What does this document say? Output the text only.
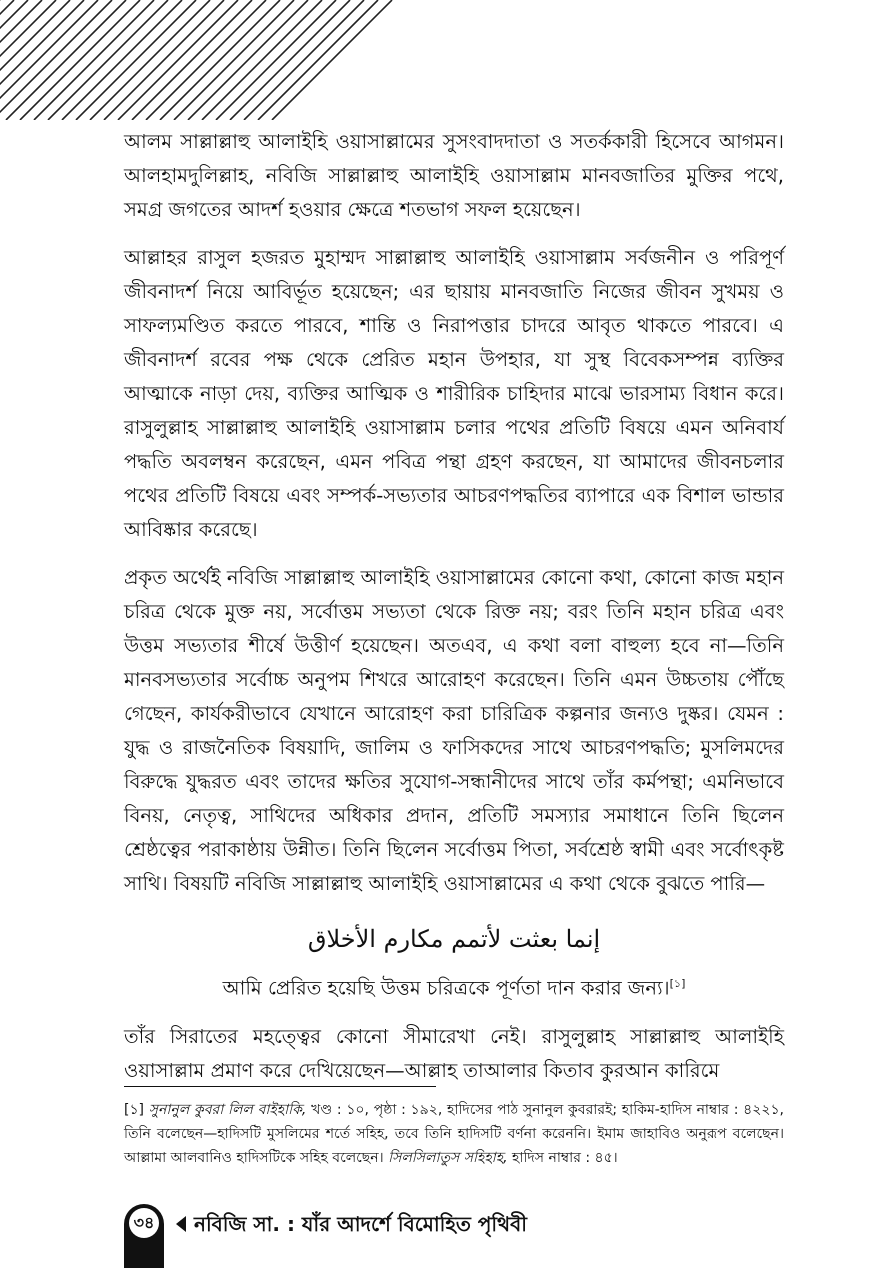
আলম সাল্লাল্লাহু আলাইহি ওয়াসাল্লামের সুসংবাদদাতা ও সতর্ককারী হিসেবে আগমন। আলহামদুলিল্লাহ, নবিজি সাল্লাল্লাহু আলাইহি ওয়াসাল্লাম মানবজাতির মুক্তির পথে, সমগ্র জগতের আদর্শ হওয়ার ক্ষেত্রে শতভাগ সফল হয়েছেন।

আল্লাহর রাসুল হজরত মুহাম্মদ সাল্লাল্লাহু আলাইহি ওয়াসাল্লাম সর্বজনীন ও পরিপূর্ণ জীবনাদর্শ নিয়ে আবির্ভূত হয়েছেন; এর ছায়ায় মানবজাতি নিজের জীবন সুখময় ও সাফল্যমণ্ডিত করতে পারবে, শান্তি ও নিরাপত্তার চাদরে আবৃত থাকতে পারবে। এ জীবনাদর্শ রবের পক্ষ থেকে প্রেরিত মহান উপহার, যা সুস্থ বিবেকসম্পন্ন ব্যক্তির আত্মাকে নাড়া দেয়, ব্যক্তির আত্মিক ও শারীরিক চাহিদার মাঝে ভারসাম্য বিধান করে। রাসুলুল্লাহ সাল্লাল্লাহু আলাইহি ওয়াসাল্লাম চলার পথের প্রতিটি বিষয়ে এমন অনিবার্য পদ্ধতি অবলম্বন করেছেন, এমন পবিত্র পন্থা গ্রহণ করছেন, যা আমাদের জীবনচলার পথের প্রতিটি বিষয়ে এবং সম্পর্ক-সভ্যতার আচরণপদ্ধতির ব্যাপারে এক বিশাল ভান্ডার আবিষ্কার করেছে।

প্রকৃত অর্থেই নবিজি সাল্লাল্লাহু আলাইহি ওয়াসাল্লামের কোনো কথা, কোনো কাজ মহান চরিত্র থেকে মুক্ত নয়, সর্বোত্তম সভ্যতা থেকে রিক্ত নয়; বরং তিনি মহান চরিত্র এবং উত্তম সভ্যতার শীর্ষে উত্তীর্ণ হয়েছেন। অতএব, এ কথা বলা বাহুল্য হবে না—তিনি মানবসভ্যতার সর্বোচ্চ অনুপম শিখরে আরোহণ করেছেন। তিনি এমন উচ্চতায় পৌঁছে গেছেন, কার্যকরীভাবে যেখানে আরোহণ করা চারিত্রিক কল্পনার জন্যও দুষ্কর। যেমন : যুদ্ধ ও রাজনৈতিক বিষয়াদি, জালিম ও ফাসিকদের সাথে আচরণপদ্ধতি; মুসলিমদের বিরুদ্ধে যুদ্ধরত এবং তাদের ক্ষতির সুযোগ-সন্ধানীদের সাথে তাঁর কর্মপন্থা; এমনিভাবে বিনয়, নেতৃত্ব, সাথিদের অধিকার প্রদান, প্রতিটি সমস্যার সমাধানে তিনি ছিলেন শ্রেষ্ঠত্বের পরাকাষ্ঠায় উন্নীত। তিনি ছিলেন সর্বোত্তম পিতা, সর্বশ্রেষ্ঠ স্বামী এবং সর্বোৎকৃষ্ট সাথি। বিষয়টি নবিজি সাল্লাল্লাহু আলাইহি ওয়াসাল্লামের এ কথা থেকে বুঝতে পারি—

إنما بعثت لأتمم مكارم الأخلاق

আমি প্রেরিত হয়েছি উত্তম চরিত্রকে পূর্ণতা দান করার জন্য।[১]

তাঁর সিরাতের মহত্ত্বের কোনো সীমারেখা নেই। রাসুলুল্লাহ সাল্লাল্লাহু আলাইহি ওয়াসাল্লাম প্রমাণ করে দেখিয়েছেন—আল্লাহ তাআলার কিতাব কুরআন কারিমে

[১] সুনানুল কুবরা লিল বাইহাকি, খণ্ড : ১০, পৃষ্ঠা : ১৯২, হাদিসের পাঠ সুনানুল কুবরারই; হাকিম-হাদিস নাম্বার : ৪২২১, তিনি বলেছেন—হাদিসটি মুসলিমের শর্তে সহিহ, তবে তিনি হাদিসটি বর্ণনা করেননি। ইমাম জাহাবিও অনুরূপ বলেছেন। আল্লামা আলবানিও হাদিসটিকে সহিহ বলেছেন। সিলসিলাতুস সহিহাহ, হাদিস নাম্বার : ৪৫।

৩৪	নবিজি সা. : যাঁর আদর্শে বিমোহিত পৃথিবী
